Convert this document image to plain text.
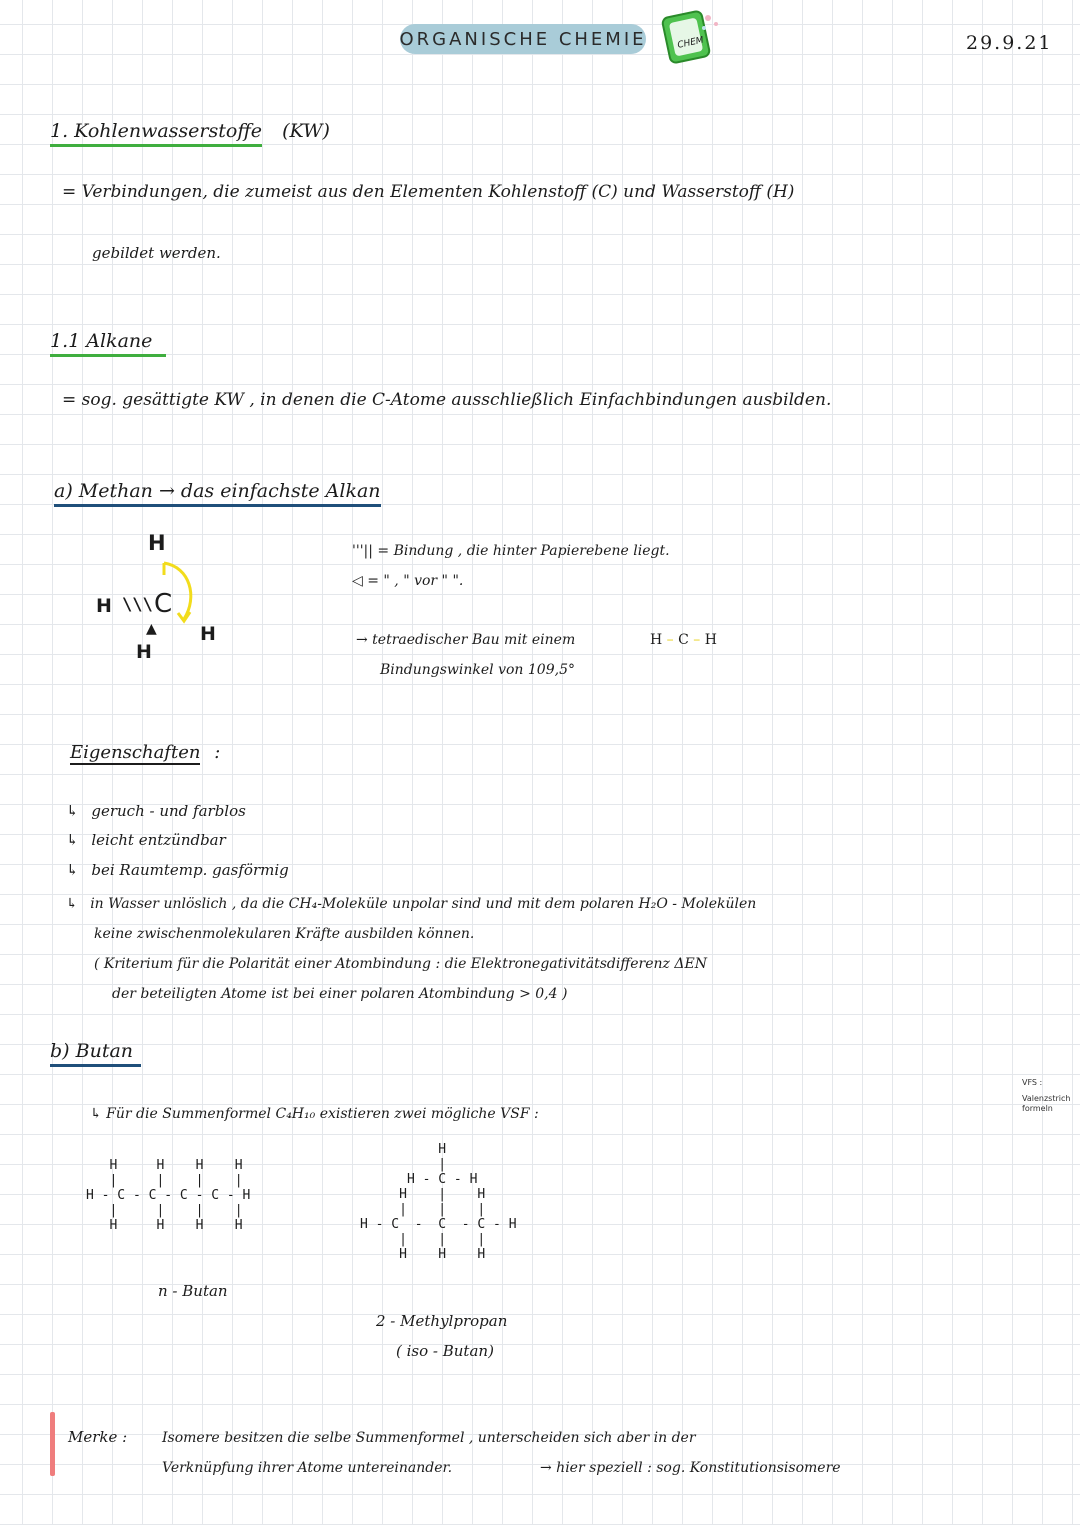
ORGANISCHE CHEMIE	CHEM	29.9.21
1. Kohlenwasserstoffe (KW)
= Verbindungen, die zumeist aus den Elementen Kohlenstoff (C) und Wasserstoff (H)
gebildet werden.
1.1 Alkane
= sog. gesättigte KW , in denen die C-Atome ausschließlich Einfachbindungen ausbilden.
a) Methan → das einfachste Alkan
H
H \\\ C
▲ H
H
'''|| = Bindung , die hinter Papierebene liegt.
◁ = " , " vor " ".
→ tetraedischer Bau mit einem
Bindungswinkel von 109,5°
H – C – H
Eigenschaften :
↳ geruch - und farblos
↳ leicht entzündbar
↳ bei Raumtemp. gasförmig
↳ in Wasser unlöslich , da die CH₄-Moleküle unpolar sind und mit dem polaren H₂O - Molekülen
keine zwischenmolekularen Kräfte ausbilden können.
( Kriterium für die Polarität einer Atombindung : die Elektronegativitätsdifferenz ΔEN
der beteiligten Atome ist bei einer polaren Atombindung > 0,4 )
b) Butan
↳ Für die Summenformel C₄H₁₀ existieren zwei mögliche VSF :
H     H    H    H
|     |    |    |
H - C - C - C - C - H
|     |    |    |
H     H    H    H
n - Butan
H
|
H - C - H
H    |    H
|    |    |
H - C  -  C  - C - H
|    |    |
H    H    H
2 - Methylpropan
( iso - Butan)
VFS :
Valenzstrich
formeln
Merke : Isomere besitzen die selbe Summenformel , unterscheiden sich aber in der
Verknüpfung ihrer Atome untereinander.	→ hier speziell : sog. Konstitutionsisomere
